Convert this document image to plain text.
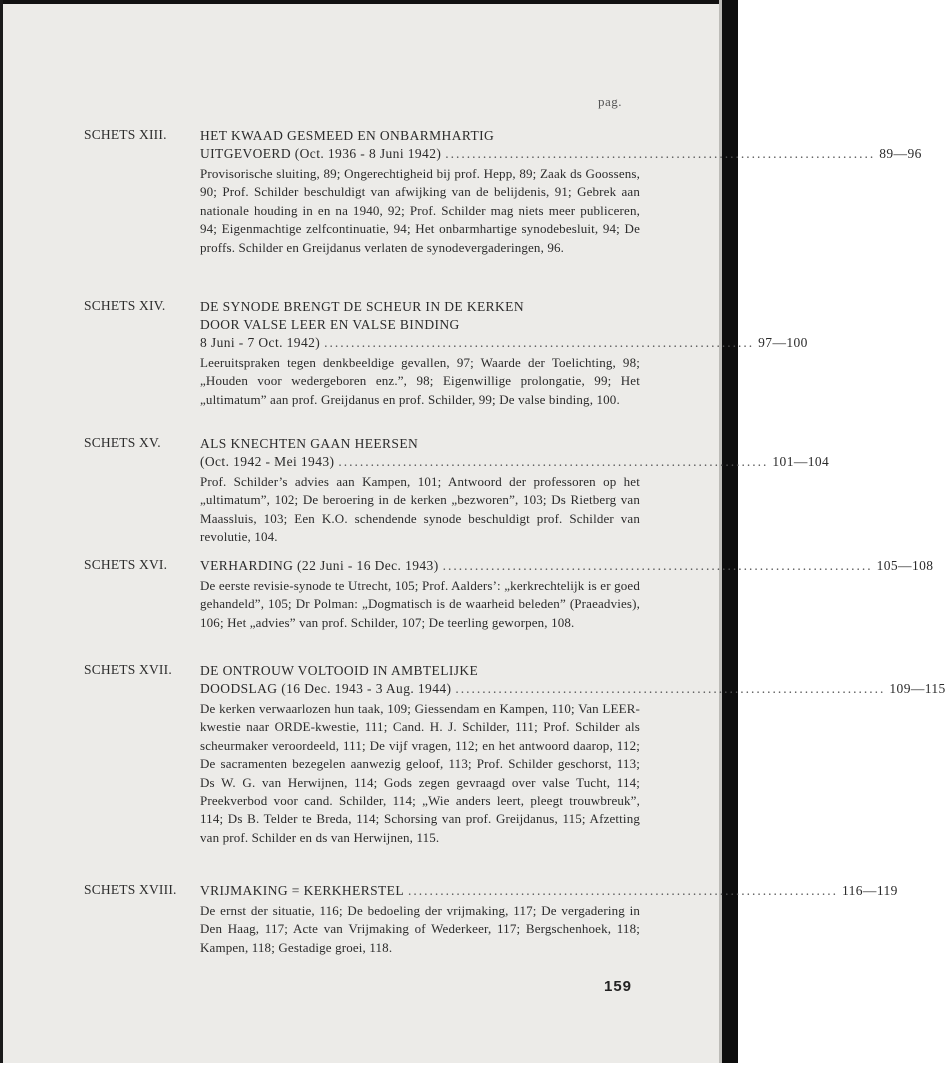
pag.
SCHETS XIII. HET KWAAD GESMEED EN ONBARMHARTIG
UITGEVOERD (Oct. 1936 - 8 Juni 1942) ................................................................................ 89—96
Provisorische sluiting, 89; Ongerechtigheid bij prof. Hepp, 89; Zaak ds Goossens, 90; Prof. Schilder beschuldigt van afwijking van de belijdenis, 91; Gebrek aan nationale houding in en na 1940, 92; Prof. Schilder mag niets meer publiceren, 94; Eigenmachtige zelfcontinuatie, 94; Het onbarmhartige synodebesluit, 94; De proffs. Schilder en Greijdanus verlaten de synodevergaderingen, 96.
SCHETS XIV.	DE SYNODE BRENGT DE SCHEUR IN DE KERKEN
DOOR VALSE LEER EN VALSE BINDING
8 Juni - 7 Oct. 1942) ................................................................................ 97—100
Leeruitspraken tegen denkbeeldige gevallen, 97; Waarde der Toelichting, 98; „Houden voor wedergeboren enz.”, 98; Eigenwillige prolongatie, 99; Het „ultimatum” aan prof. Greijdanus en prof. Schilder, 99; De valse binding, 100.
SCHETS XV.	ALS KNECHTEN GAAN HEERSEN
(Oct. 1942 - Mei 1943) ................................................................................ 101—104
Prof. Schilder’s advies aan Kampen, 101; Antwoord der professoren op het „ultimatum”, 102; De beroering in de kerken „bezworen”, 103; Ds Rietberg van Maassluis, 103; Een K.O. schendende synode beschuldigt prof. Schilder van revolutie, 104.
SCHETS XVI. VERHARDING (22 Juni - 16 Dec. 1943) ................................................................................ 105—108
De eerste revisie-synode te Utrecht, 105; Prof. Aalders’: „kerkrechtelijk is er goed gehandeld”, 105; Dr Polman: „Dogmatisch is de waarheid beleden” (Praeadvies), 106; Het „advies” van prof. Schilder, 107; De teerling geworpen, 108.
SCHETS XVII. DE ONTROUW VOLTOOID IN AMBTELIJKE
DOODSLAG (16 Dec. 1943 - 3 Aug. 1944) ................................................................................ 109—115
De kerken verwaarlozen hun taak, 109; Giessendam en Kampen, 110; Van LEER-kwestie naar ORDE-kwestie, 111; Cand. H. J. Schilder, 111; Prof. Schilder als scheurmaker veroordeeld, 111; De vijf vragen, 112; en het antwoord daarop, 112; De sacramenten bezegelen aanwezig geloof, 113; Prof. Schilder geschorst, 113; Ds W. G. van Herwijnen, 114; Gods zegen gevraagd over valse Tucht, 114; Preekverbod voor cand. Schilder, 114; „Wie anders leert, pleegt trouwbreuk”, 114; Ds B. Telder te Breda, 114; Schorsing van prof. Greijdanus, 115; Afzetting van prof. Schilder en ds van Herwijnen, 115.
SCHETS XVIII. VRIJMAKING = KERKHERSTEL ................................................................................ 116—119
De ernst der situatie, 116; De bedoeling der vrijmaking, 117; De vergadering in Den Haag, 117; Acte van Vrijmaking of Wederkeer, 117; Bergschenhoek, 118; Kampen, 118; Gestadige groei, 118.
159
